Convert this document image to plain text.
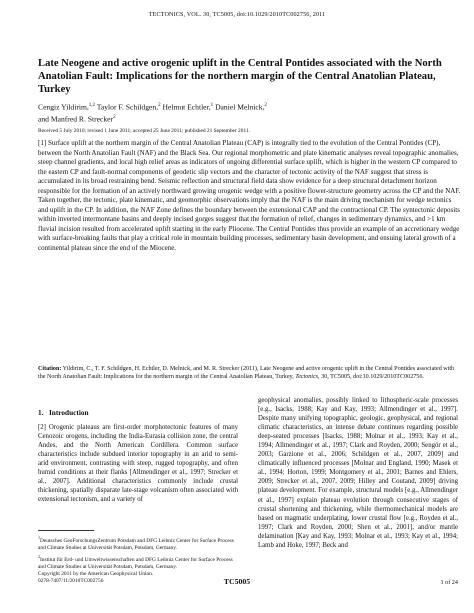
TECTONICS, VOL. 30, TC5005, doi:10.1029/2010TC002756, 2011
Late Neogene and active orogenic uplift in the Central Pontides associated with the North Anatolian Fault: Implications for the northern margin of the Central Anatolian Plateau, Turkey
Cengiz Yildirim,$^{1,2}$ Taylor F. Schildgen,$^2$ Helmut Echtler,$^1$ Daniel Melnick,$^2$
and Manfred R. Strecker$^2$
Received 5 July 2010; revised 1 June 2011; accepted 25 June 2011; published 21 September 2011.
[1] Surface uplift at the northern margin of the Central Anatolian Plateau (CAP) is integrally tied to the evolution of the Central Pontides (CP), between the North Anatolian Fault (NAF) and the Black Sea. Our regional morphometric and plate kinematic analyses reveal topographic anomalies, steep channel gradients, and local high relief areas as indicators of ongoing differential surface uplift, which is higher in the western CP compared to the eastern CP and fault-normal components of geodetic slip vectors and the character of tectonic activity of the NAF suggest that stress is accumulated in its broad restraining bend. Seismic reflection and structural field data show evidence for a deep structural detachment horizon responsible for the formation of an actively northward growing orogenic wedge with a positive flower-structure geometry across the CP and the NAF. Taken together, the tectonic, plate kinematic, and geomorphic observations imply that the NAF is the main driving mechanism for wedge tectonics and uplift in the CP. In addition, the NAF Zone defines the boundary between the extensional CAP and the contractional CP. The syntectonic deposits within inverted intermontane basins and deeply incised gorges suggest that the formation of relief, changes in sedimentary dynamics, and >1 km fluvial incision resulted from accelerated uplift starting in the early Pliocene. The Central Pontides thus provide an example of an accretionary wedge with surface-breaking faults that play a critical role in mountain building processes, sedimentary basin development, and ensuing lateral growth of a continental plateau since the end of the Miocene.
Citation: Yildirim, C., T. F. Schildgen, H. Echtler, D. Melnick, and M. R. Strecker (2011), Late Neogene and active orogenic uplift in the Central Pontides associated with the North Anatolian Fault: Implications for the northern margin of the Central Anatolian Plateau, Turkey, Tectonics, 30, TC5005, doi:10.1029/2010TC002756.
1. Introduction

[2] Orogenic plateaus are first-order morphotectonic features of many Cenozoic orogens, including the India-Eurasia collision zone, the central Andes, and the North American Cordillera. Common surface characteristics include subdued interior topography in an arid to semi-arid environment, contrasting with steep, rugged topography, and often humid conditions at their flanks [Allmendinger et al., 1997; Strecker et al., 2007]. Additional characteristics commonly include crustal thickening, spatially disparate late-stage volcanism often associated with extensional tectonism, and a variety of

geophysical anomalies, possibly linked to lithospheric-scale processes [e.g., Isacks, 1988; Kay and Kay, 1993; Allmendinger et al., 1997]. Despite many unifying topographic, geologic, geophysical, and regional climatic characteristics, an intense debate continues regarding possible deep-seated processes [Isacks, 1988; Molnar et al., 1993; Kay et al., 1994; Allmendinger et al., 1997; Clark and Royden, 2000; Sengör et al., 2003; Garzione et al., 2006; Schildgen et al., 2007, 2009] and climatically influenced processes [Molnar and England, 1990; Masek et al., 1994; Horton, 1999; Montgomery et al., 2001; Barnes and Ehlers, 2009; Strecker et al., 2007, 2009; Hilley and Coutand, 2009] driving plateau development. For example, structural models [e.g., Allmendinger et al., 1997] explain plateau evolution through consecutive stages of crustal shortening and thickening, while thermomechanical models are based on magmatic underplating, lower crustal flow [e.g., Royden et al., 1997; Clark and Royden, 2000; Shen et al., 2001], and/or mantle delamination [Kay and Kay, 1993; Molnar et al., 1993; Kay et al., 1994; Lamb and Hoke, 1997; Beck and

$^1$Deutsches GeoForschungsZentrum Potsdam and DFG Leibniz Center for Surface Process and Climate Studies at Universität Potsdam, Potsdam, Germany.

$^2$Institut für Erd- und Umweltwissenschaften and DFG Leibniz Center for Surface Process and Climate Studies at Universität Potsdam, Potsdam, Germany.

Copyright 2011 by the American Geophysical Union.
0278-7407/11/2010TC002756	TC5005	1 of 24
